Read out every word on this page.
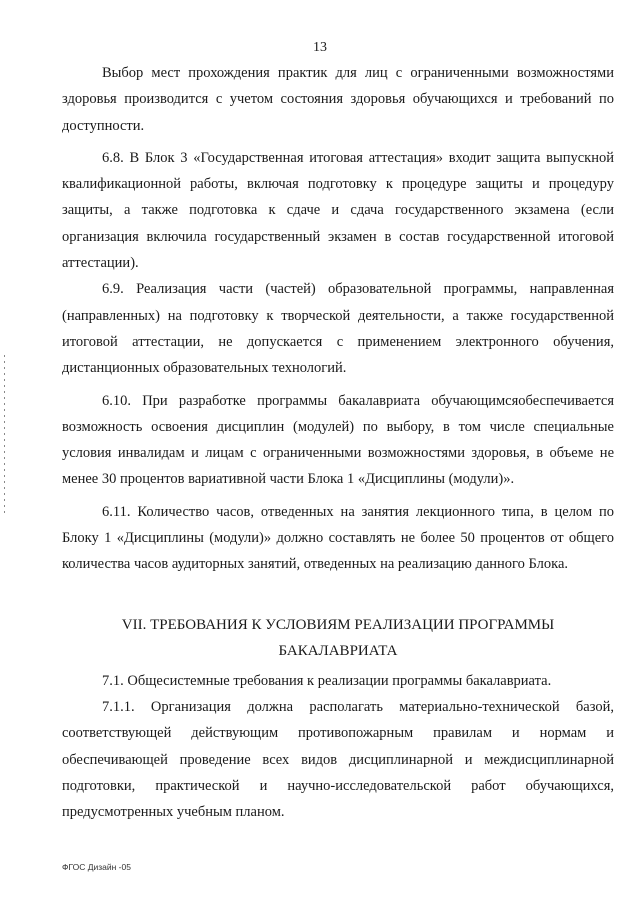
13

Выбор мест прохождения практик для лиц с ограниченными возможностями здоровья производится с учетом состояния здоровья обучающихся и требований по доступности.

6.8. В Блок 3 «Государственная итоговая аттестация» входит защита выпускной квалификационной работы, включая подготовку к процедуре защиты и процедуру защиты, а также подготовка к сдаче и сдача государственного экзамена (если организация включила государственный экзамен в состав государственной итоговой аттестации).

6.9. Реализация части (частей) образовательной программы, направленная (направленных) на подготовку к творческой деятельности, а также государственной итоговой аттестации, не допускается с применением электронного обучения, дистанционных образовательных технологий.

6.10. При разработке программы бакалавриата обучающимсяобеспечивается возможность освоения дисциплин (модулей) по выбору, в том числе специальные условия инвалидам и лицам с ограниченными возможностями здоровья, в объеме не менее 30 процентов вариативной части Блока 1 «Дисциплины (модули)».

6.11. Количество часов, отведенных на занятия лекционного типа, в целом по Блоку 1 «Дисциплины (модули)» должно составлять не более 50 процентов от общего количества часов аудиторных занятий, отведенных на реализацию данного Блока.

VII. ТРЕБОВАНИЯ К УСЛОВИЯМ РЕАЛИЗАЦИИ ПРОГРАММЫ
БАКАЛАВРИАТА

7.1. Общесистемные требования к реализации программы бакалавриата.

7.1.1. Организация должна располагать материально-технической базой, соответствующей действующим противопожарным правилам и нормам и обеспечивающей проведение всех видов дисциплинарной и междисциплинарной подготовки, практической и научно-исследовательской работ обучающихся, предусмотренных учебным планом.

ФГОС Дизайн -05
